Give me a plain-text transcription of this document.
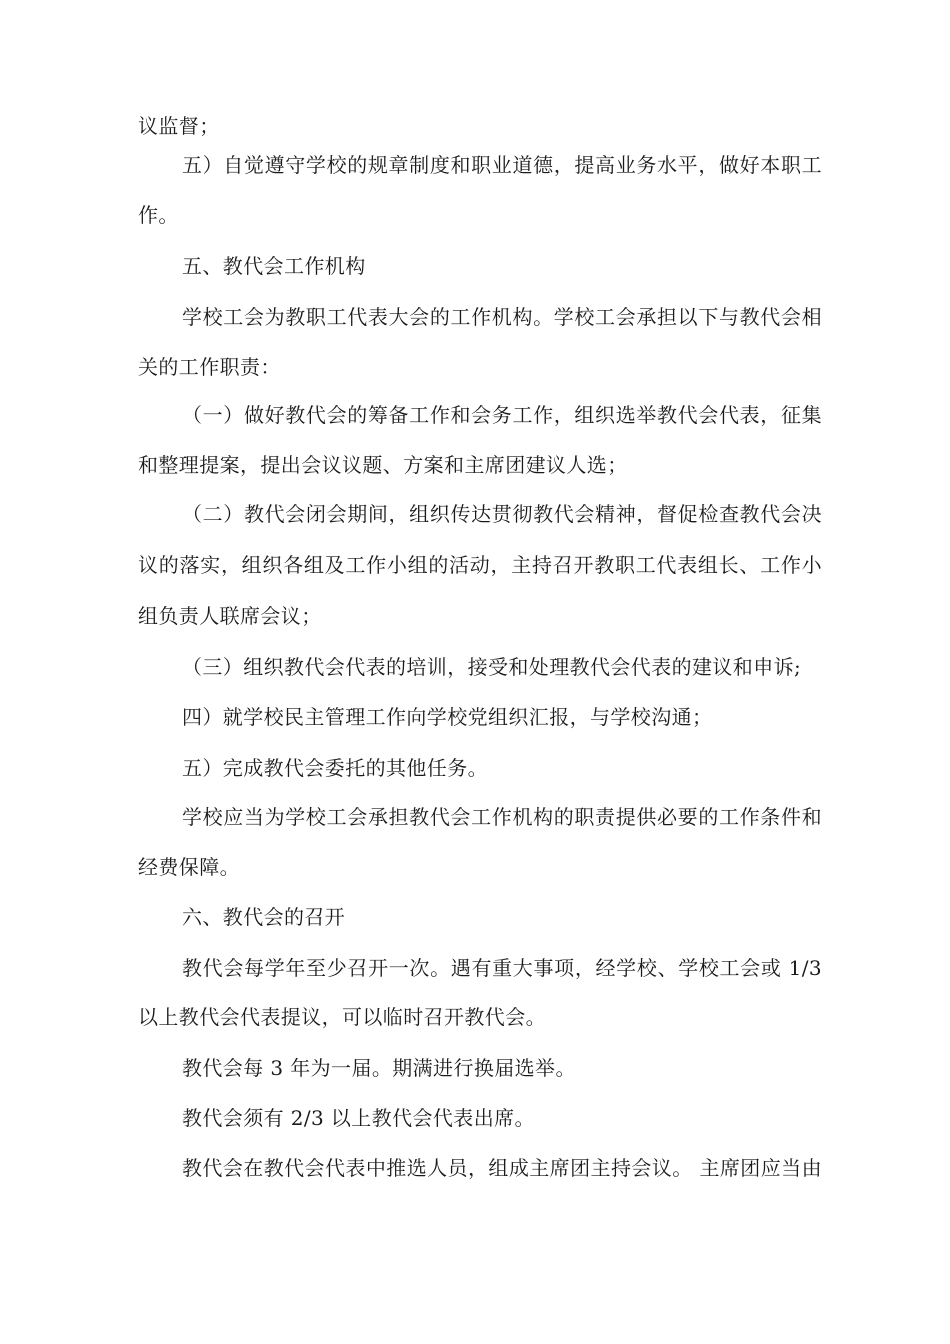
议监督；
五）自觉遵守学校的规章制度和职业道德，提高业务水平，做好本职工
作。
五、教代会工作机构
学校工会为教职工代表大会的工作机构。学校工会承担以下与教代会相
关的工作职责：
（一）做好教代会的筹备工作和会务工作，组织选举教代会代表，征集
和整理提案，提出会议议题、方案和主席团建议人选；
（二）教代会闭会期间，组织传达贯彻教代会精神，督促检查教代会决
议的落实，组织各组及工作小组的活动，主持召开教职工代表组长、工作小
组负责人联席会议；
（三）组织教代会代表的培训，接受和处理教代会代表的建议和申诉;
四）就学校民主管理工作向学校党组织汇报，与学校沟通；
五）完成教代会委托的其他任务。
学校应当为学校工会承担教代会工作机构的职责提供必要的工作条件和
经费保障。
六、教代会的召开
教代会每学年至少召开一次。遇有重大事项，经学校、学校工会或 1/3
以上教代会代表提议，可以临时召开教代会。
教代会每 3 年为一届。期满进行换届选举。
教代会须有 2/3 以上教代会代表出席。
教代会在教代会代表中推选人员，组成主席团主持会议。 主席团应当由
